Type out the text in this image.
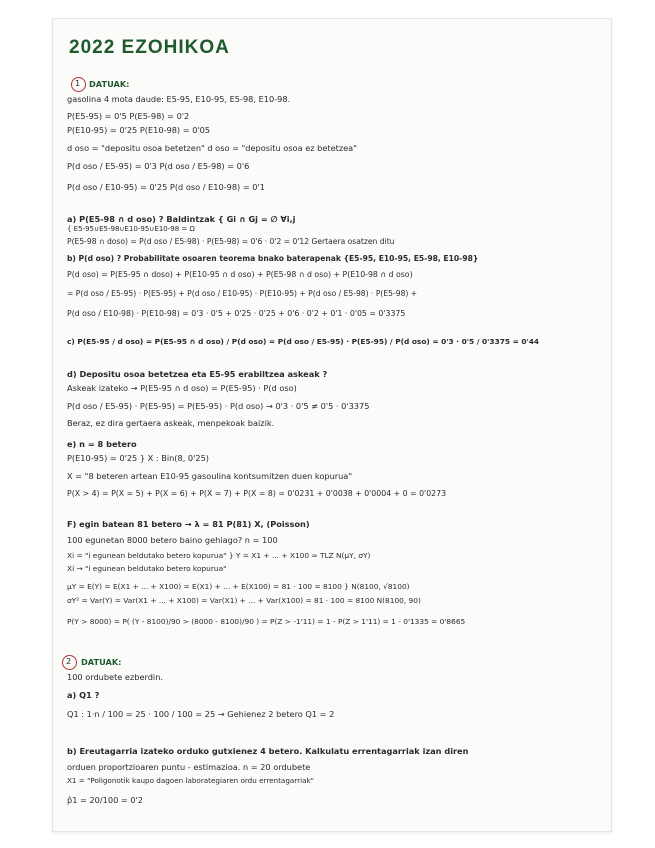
2022 EZOHIKOA
1 DATUAK:
gasolina 4 mota daude: E5-95, E10-95, E5-98, E10-98.
P(E5-95) = 0'5 P(E5-98) = 0'2
P(E10-95) = 0'25 P(E10-98) = 0'05
d oso = "depositu osoa betetzen" d oso = "depositu osoa ez betetzea"
P(d oso / E5-95) = 0'3 P(d oso / E5-98) = 0'6
P(d oso / E10-95) = 0'25 P(d oso / E10-98) = 0'1
a) P(E5-98 ∩ d oso) ? Baldintzak { Gi ∩ Gj = ∅ ∀i,j
{ E5-95∪E5-98∪E10-95∪E10-98 = Ω
P(E5-98 ∩ doso) = P(d oso / E5-98) · P(E5-98) = 0'6 · 0'2 = 0'12 Gertaera osatzen ditu
b) P(d oso) ? Probabilitate osoaren teorema bnako baterapenak {E5-95, E10-95, E5-98, E10-98}
P(d oso) = P(E5-95 ∩ doso) + P(E10-95 ∩ d oso) + P(E5-98 ∩ d oso) + P(E10-98 ∩ d oso)
= P(d oso / E5-95) · P(E5-95) + P(d oso / E10-95) · P(E10-95) + P(d oso / E5-98) · P(E5-98) +
P(d oso / E10-98) · P(E10-98) = 0'3 · 0'5 + 0'25 · 0'25 + 0'6 · 0'2 + 0'1 · 0'05 = 0'3375
c) P(E5-95 / d oso) = P(E5-95 ∩ d oso) / P(d oso) = P(d oso / E5-95) · P(E5-95) / P(d oso) = 0'3 · 0'5 / 0'3375 = 0'44
d) Depositu osoa betetzea eta E5-95 erabiltzea askeak ?
Askeak izateko → P(E5-95 ∩ d oso) = P(E5-95) · P(d oso)
P(d oso / E5-95) · P(E5-95) = P(E5-95) · P(d oso) → 0'3 · 0'5 ≠ 0'5 · 0'3375
Beraz, ez dira gertaera askeak, menpekoak baizik.
e) n = 8 betero
P(E10-95) = 0'25 } X : Bin(8, 0'25)
X = "8 beteren artean E10-95 gasoulina kontsumitzen duen kopurua"
P(X > 4) = P(X = 5) + P(X = 6) + P(X = 7) + P(X = 8) = 0'0231 + 0'0038 + 0'0004 + 0 = 0'0273
F) egin batean 81 betero → λ = 81 P(81) X, (Poisson)
100 egunetan 8000 betero baino gehiago? n = 100
Xi = "i egunean beldutako betero kopurua" } Y = X1 + ... + X100 ≈ TLZ N(μY, σY)
Xi → "i egunean beldutako betero kopurua"
μY = E(Y) = E(X1 + ... + X100) = E(X1) + ... + E(X100) = 81 · 100 = 8100 } N(8100, √8100)
σY² = Var(Y) = Var(X1 + ... + X100) = Var(X1) + ... + Var(X100) = 81 · 100 = 8100 N(8100, 90)
P(Y > 8000) = P( (Y - 8100)/90 > (8000 - 8100)/90 ) = P(Z > -1'11) = 1 - P(Z > 1'11) = 1 - 0'1335 = 0'8665
2 DATUAK:
100 ordubete ezberdin.
a) Q1 ?
Q1 : 1·n / 100 = 25 · 100 / 100 = 25 → Gehienez 2 betero Q1 = 2
b) Ereutagarria izateko orduko gutxienez 4 betero. Kalkulatu errentagarriak izan diren
orduen proportzioaren puntu - estimazioa. n = 20 ordubete
X1 = "Poligonotik kaupo dagoen laborategiaren ordu errentagarriak"
p̂1 = 20/100 = 0'2
